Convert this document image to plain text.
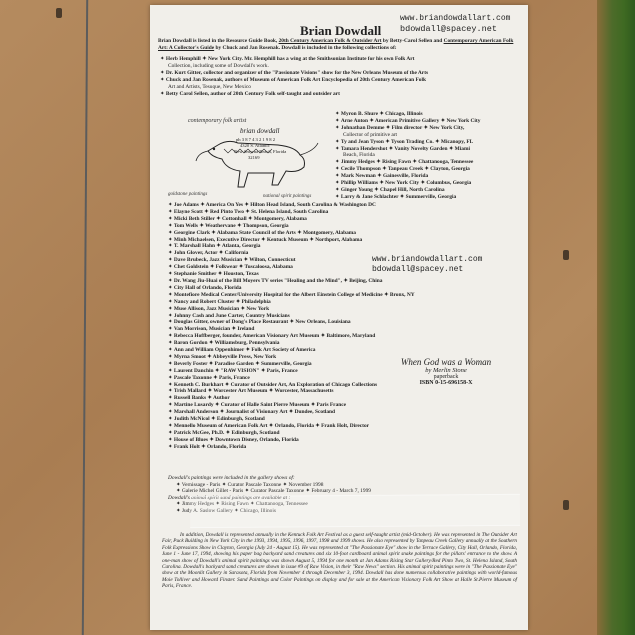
Brian Dowdall
www.briandowdallart.com
bdowdall@spacey.net
Brian Dowdall is listed in the Resource Guide Book, 20th Century American Folk & Outsider Art by Betty-Carol Sellen and Contemporary American Folk Art: A Collector's Guide by Chuck and Jan Rosenak. Dowdall is included in the following collections of:
✦ Herb Hemphill ✦ New York City. Mr. Hemphill has a wing at the Smithsonian Institute for his own Folk Art
Collection, including some of Dowdall's work.
✦ Dr. Kurt Gitter, collector and organizer of the "Passionate Visions" show for the New Orleans Museum of the Arts
✦ Chuck and Jan Rosenak, authors of Museum of American Folk Art Encyclopedia of 20th Century American Folk
Art and Artists, Tesuque, New Mexico
✦ Betty Carol Sellen, author of 20th Century Folk self-taught and outsider art
contemporary folk artist
brian dowdall
ph 3 8 7 4 3 2 1 9 8 2
4320 S. Atlantic
New Smyrna Beach, Florida
32169
goldstone paintings	national spirit paintings
✦ Myron B. Shure ✦ Chicago, Illinois
✦ Arne Anton ✦ American Primitive Gallery ✦ New York City
✦ Johnathan Demme ✦ Film director ✦ New York City,
Collector of primitive art
✦ Ty and Jean Tyson ✦ Tyson Trading Co. ✦ Micanopy, FL
✦ Tamara Hendershot ✦ Vanity Novelty Garden ✦ Miami
Beach, Florida
✦ Jimmy Hedges ✦ Rising Fawn ✦ Chattanooga, Tennessee
✦ Cecile Thompson ✦ Tanpeau Creek ✦ Clayton, Georgia
✦ Mark Newman ✦ Gainesville, Florida
✦ Phillip Williams ✦ New York City ✦ Columbus, Georgia
✦ Ginger Young ✦ Chapel Hill, North Carolina
✦ Larry & Jane Schlachter ✦ Summerville, Georgia
✦ Joe Adams ✦ America On Yes ✦ Hilton Head Island, South Carolina & Washington DC
✦ Elayne Scott ✦ Red Pinto Two ✦ St. Helena Island, South Carolina
✦ Micki Beth Stiller ✦ Cottonhall ✦ Montgomery, Alabama
✦ Tom Wells ✦ Weathervane ✦ Thompson, Georgia
✦ Georgine Clark ✦ Alabama State Council of the Arts ✦ Montgomery, Alabama
✦ Minh Michaelsen, Executive Director ✦ Kentuck Museum ✦ Northport, Alabama
✦ T. Marshall Hahn ✦ Atlanta, Georgia
✦ John Glover, Actor ✦ California
✦ Dave Brubeck, Jazz Musician ✦ Wilton, Connecticut
✦ Chet Goldstein ✦ Folkwear ✦ Tuscaloosa, Alabama
✦ Stephanie Smither ✦ Houston, Texas
✦ Dr. Wang Jiu-Huai of the Bill Moyers TV series "Healing and the Mind", ✦ Beijing, China
✦ City Hall of Orlando, Florida
✦ Montefiore Medical Center/University Hospital for the Albert Einstein College of Medicine ✦ Bronx, NY
✦ Nancy and Robert Cluster ✦ Philadelphia
✦ Muse Allison, Jazz Musician ✦ New York
✦ Johnny Cash and June Carter, Country Musicians
✦ Douglas Gitter, owner of Dong's Place Restaurant ✦ New Orleans, Louisiana
✦ Van Morrison, Musician ✦ Ireland
✦ Rebecca Hoffberger, founder, American Visionary Art Museum ✦ Baltimore, Maryland
✦ Baron Gordon ✦ Williamsburg, Pennsylvania
✦ Ann and William Oppenhimer ✦ Folk Art Society of America
✦ Myrna Smoot ✦ Abbeyville Press, New York
✦ Beverly Foster ✦ Paradise Garden ✦ Summerville, Georgia
✦ Laurent Danchin ✦ "RAW VISION" ✦ Paris, France
✦ Pascale Taxonne ✦ Paris, France
✦ Kenneth C. Burkhart ✦ Curator of Outsider Art, An Exploration of Chicago Collections
✦ Trish Mallard ✦ Worcester Art Museum ✦ Worcester, Massachusetts
✦ Russell Banks ✦ Author
✦ Martine Lusardy ✦ Curator of Halle Saint Pierre Museum ✦ Paris France
✦ Marshall Anderson ✦ Journalist of Visionary Art ✦ Dundee, Scotland
✦ Judith McNicol ✦ Edinburgh, Scotland
✦ Mennello Museum of American Folk Art ✦ Orlando, Florida ✦ Frank Holt, Director
✦ Patrick McGee, Ph.D. ✦ Edinburgh, Scotland
✦ House of Blues ✦ Downtown Disney, Orlando, Florida
✦ Frank Holt ✦ Orlando, Florida
www.briandowdallart.com
bdowdall@spacey.net
When God was a Woman
by Merlin Stone
paperback
ISBN 0-15-696158-X
Dowdall's paintings were included in the gallery shows of:
✦ Vernissage - Paris ✦ Curator Pascale Taxonne ✦ November 1998
✦ Galerie Michel Gillet - Paris ✦ Curator Pascale Taxonne ✦ February 4 - March 7, 1999
Dowdall's animal spirit sand paintings are available at :
✦ Jimmy Hedges ✦ Rising Fawn ✦ Chattanooga, Tennessee
✦ Judy A. Saslow Gallery ✦ Chicago, Illinois
In addition, Dowdall is represented annually in the Kentuck Folk Art Festival as a guest self-taught artist (mid-October). He was represented in The Outsider Art Fair, Puck Building in New York City in the 1993, 1994, 1995, 1996, 1997, 1998 and 1999 shows. He also represented by Tanpeau Creek Gallery annually at the Southern Folk Expressions Show in Clayton, Georgia (July 24 - August 15). He was represented at "The Passionate Eye" show in the Terrace Gallery, City Hall, Orlando, Florida, June 1 - June 17, 1994, showing his paper bag backyard sand creatures and six 10-foot cardboard animal spirit snake paintings for the pillars' entrance to the show. A one-man show of Dowdall's animal spirit paintings was shown August 5, 1994 for one month at Jan Adams Rising Star Gallery/Red Pinto Two, St. Helena Island, South Carolina. Dowdall's backyard sand creatures are shown in issue #9 of Raw Vision, in their "Raw News" section. His animal spirit paintings were in "The Passionate Eye" show at the Moonlit Gallery in Sarasota, Florida from November 4 through December 3, 1994. Dowdall has done numerous collaborative paintings with world-famous Moie Tolliver and Howard Finster. Sand Paintings and Color Paintings on display and for sale at the American Visionary Folk Art Show at Halle St.Pierre Museum of Paris, France.
